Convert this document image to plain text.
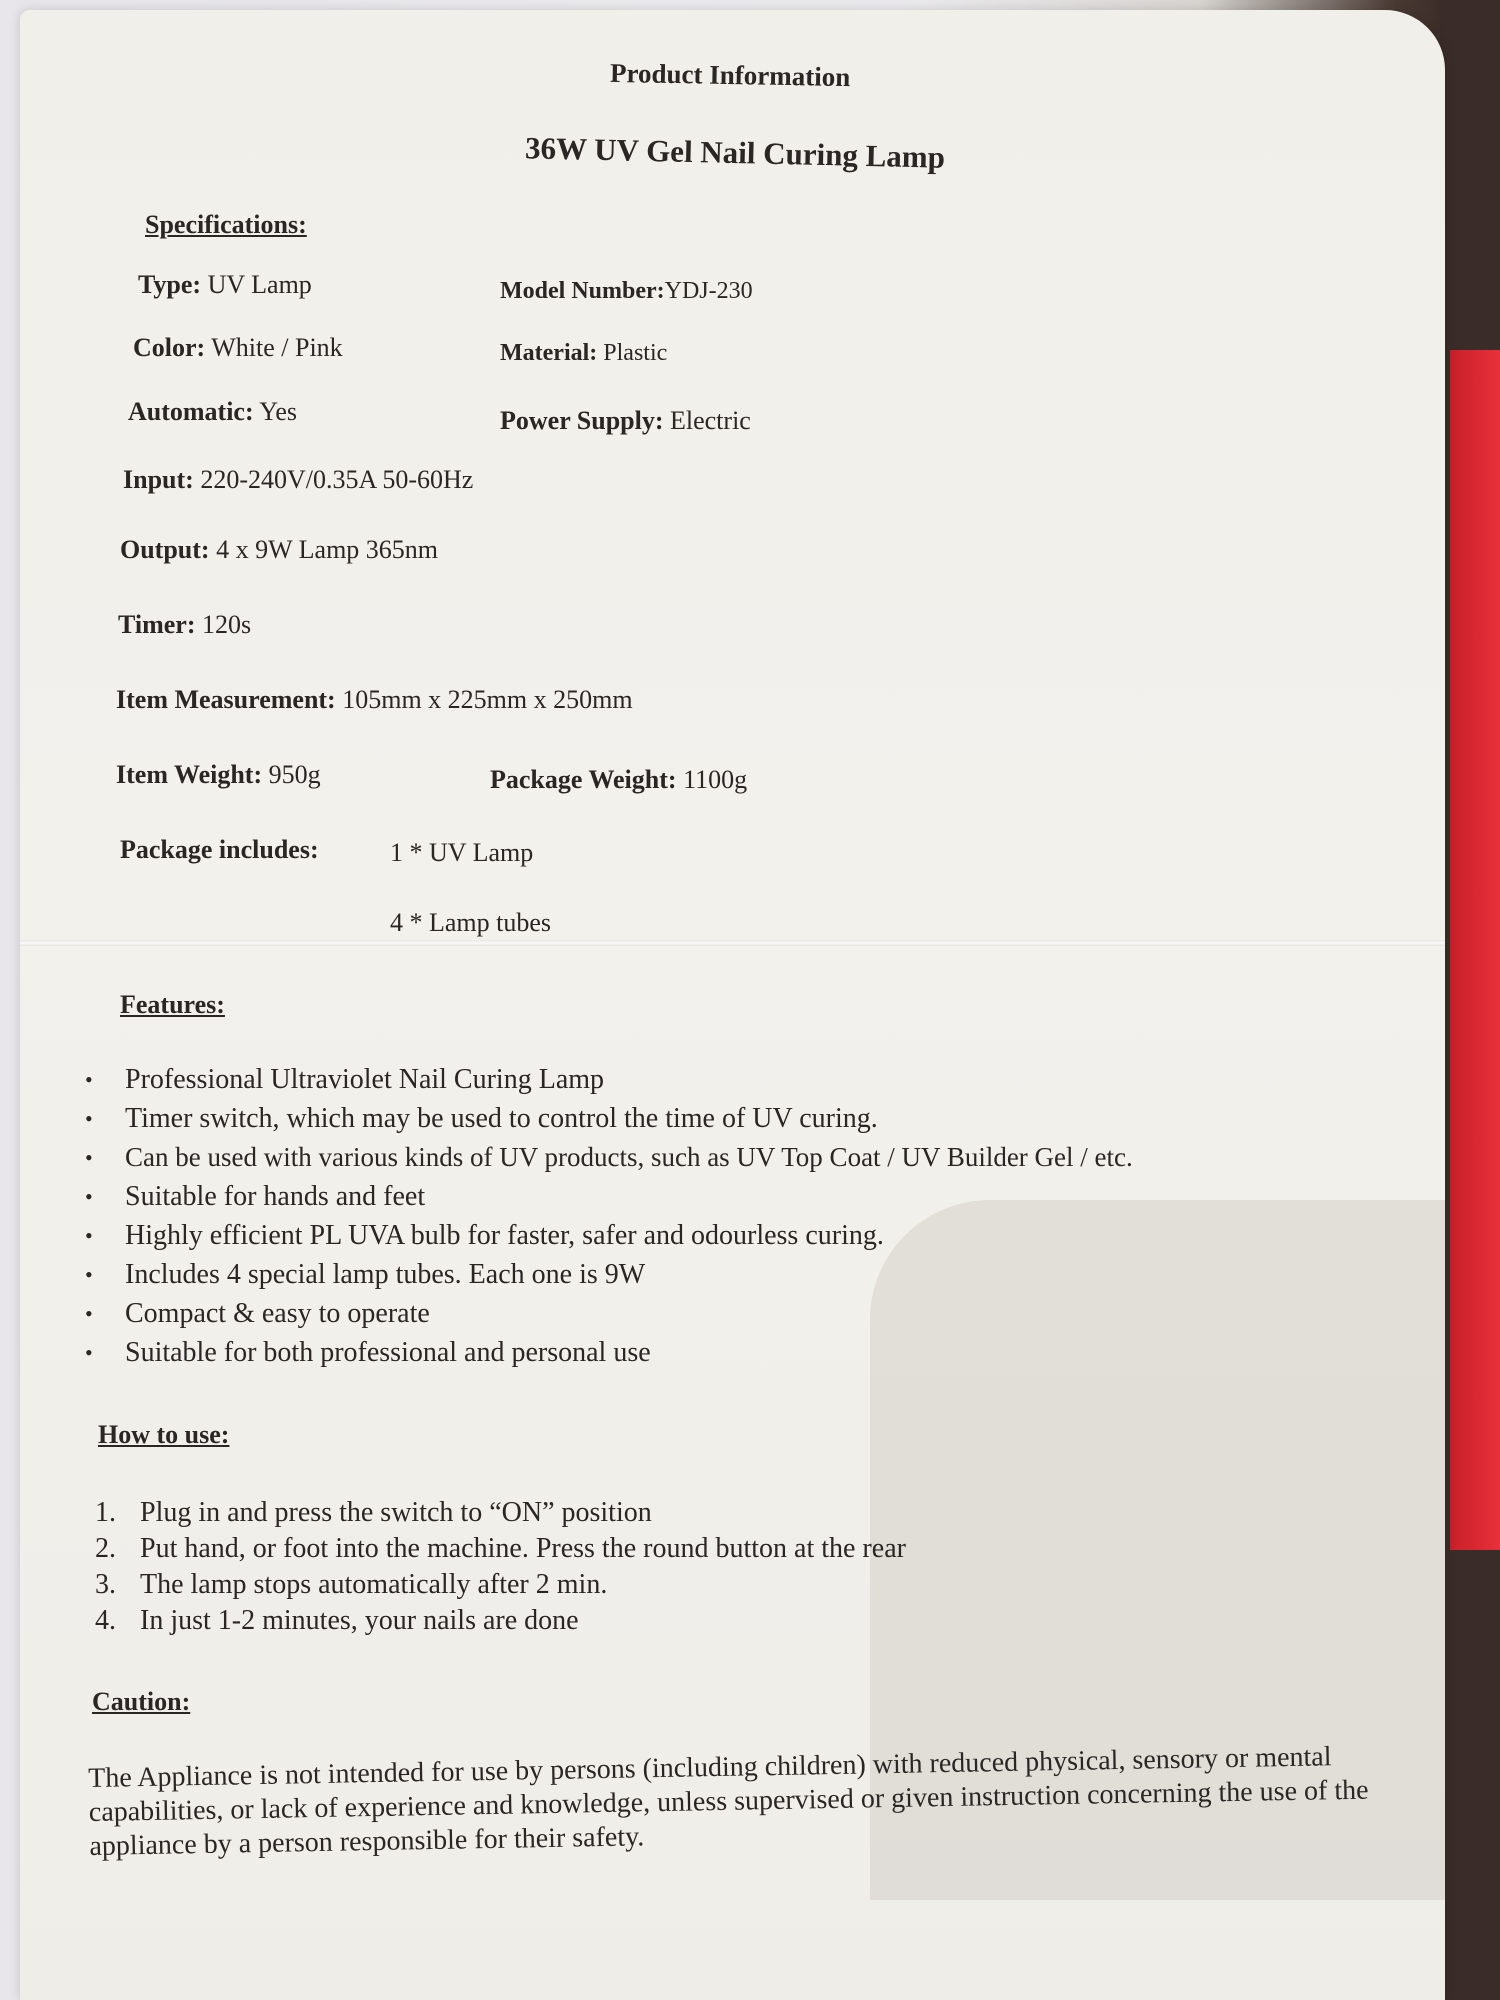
Product Information
36W UV Gel Nail Curing Lamp
Specifications:
Type: UV Lamp	Model Number:YDJ-230
Color: White / Pink	Material: Plastic
Automatic: Yes	Power Supply: Electric
Input: 220-240V/0.35A 50-60Hz
Output: 4 x 9W Lamp 365nm
Timer: 120s
Item Measurement: 105mm x 225mm x 250mm
Item Weight: 950g	Package Weight: 1100g
Package includes:	1 * UV Lamp
4 * Lamp tubes
Features:
• Professional Ultraviolet Nail Curing Lamp
• Timer switch, which may be used to control the time of UV curing.
• Can be used with various kinds of UV products, such as UV Top Coat / UV Builder Gel / etc.
• Suitable for hands and feet
• Highly efficient PL UVA bulb for faster, safer and odourless curing.
• Includes 4 special lamp tubes. Each one is 9W
• Compact & easy to operate
• Suitable for both professional and personal use
How to use:
1. Plug in and press the switch to “ON” position
2. Put hand, or foot into the machine. Press the round button at the rear
3. The lamp stops automatically after 2 min.
4. In just 1-2 minutes, your nails are done
Caution:
The Appliance is not intended for use by persons (including children) with reduced physical, sensory or mental capabilities, or lack of experience and knowledge, unless supervised or given instruction concerning the use of the appliance by a person responsible for their safety.
